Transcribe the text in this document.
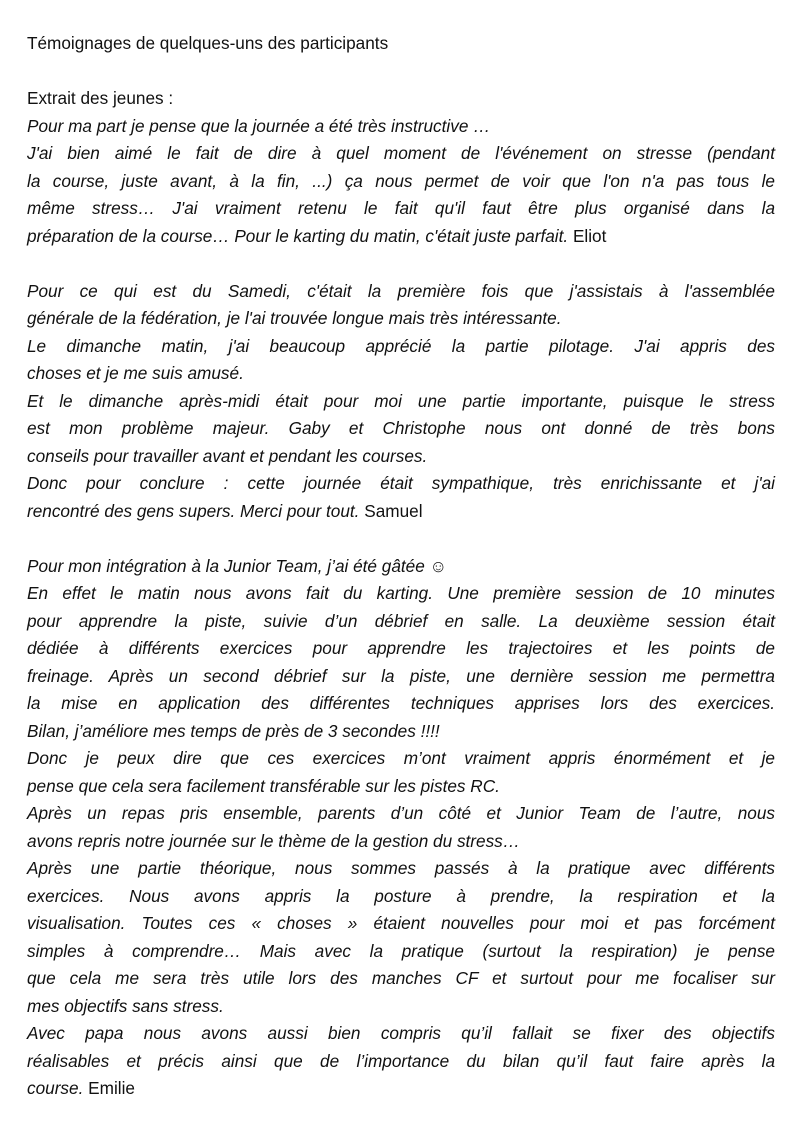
Témoignages de quelques-uns des participants
Extrait des jeunes :
Pour ma part je pense que la journée a été très instructive …
J'ai bien aimé le fait de dire à quel moment de l'événement on stresse (pendant
la course, juste avant, à la fin, ...) ça nous permet de voir que l'on n'a pas tous le
même stress… J'ai vraiment retenu le fait qu'il faut être plus organisé dans la
préparation de la course… Pour le karting du matin, c'était juste parfait. Eliot
Pour ce qui est du Samedi, c'était la première fois que j'assistais à l'assemblée
générale de la fédération, je l'ai trouvée longue mais très intéressante.
Le dimanche matin, j'ai beaucoup apprécié la partie pilotage. J'ai appris des
choses et je me suis amusé.
Et le dimanche après-midi était pour moi une partie importante, puisque le stress
est mon problème majeur. Gaby et Christophe nous ont donné de très bons
conseils pour travailler avant et pendant les courses.
Donc pour conclure : cette journée était sympathique, très enrichissante et j'ai
rencontré des gens supers. Merci pour tout. Samuel
Pour mon intégration à la Junior Team, j’ai été gâtée ☺
En effet le matin nous avons fait du karting. Une première session de 10 minutes
pour apprendre la piste, suivie d’un débrief en salle. La deuxième session était
dédiée à différents exercices pour apprendre les trajectoires et les points de
freinage. Après un second débrief sur la piste, une dernière session me permettra
la mise en application des différentes techniques apprises lors des exercices.
Bilan, j’améliore mes temps de près de 3 secondes !!!!
Donc je peux dire que ces exercices m’ont vraiment appris énormément et je
pense que cela sera facilement transférable sur les pistes RC.
Après un repas pris ensemble, parents d’un côté et Junior Team de l’autre, nous
avons repris notre journée sur le thème de la gestion du stress…
Après une partie théorique, nous sommes passés à la pratique avec différents
exercices. Nous avons appris la posture à prendre, la respiration et la
visualisation. Toutes ces « choses » étaient nouvelles pour moi et pas forcément
simples à comprendre… Mais avec la pratique (surtout la respiration) je pense
que cela me sera très utile lors des manches CF et surtout pour me focaliser sur
mes objectifs sans stress.
Avec papa nous avons aussi bien compris qu’il fallait se fixer des objectifs
réalisables et précis ainsi que de l’importance du bilan qu’il faut faire après la
course. Emilie
